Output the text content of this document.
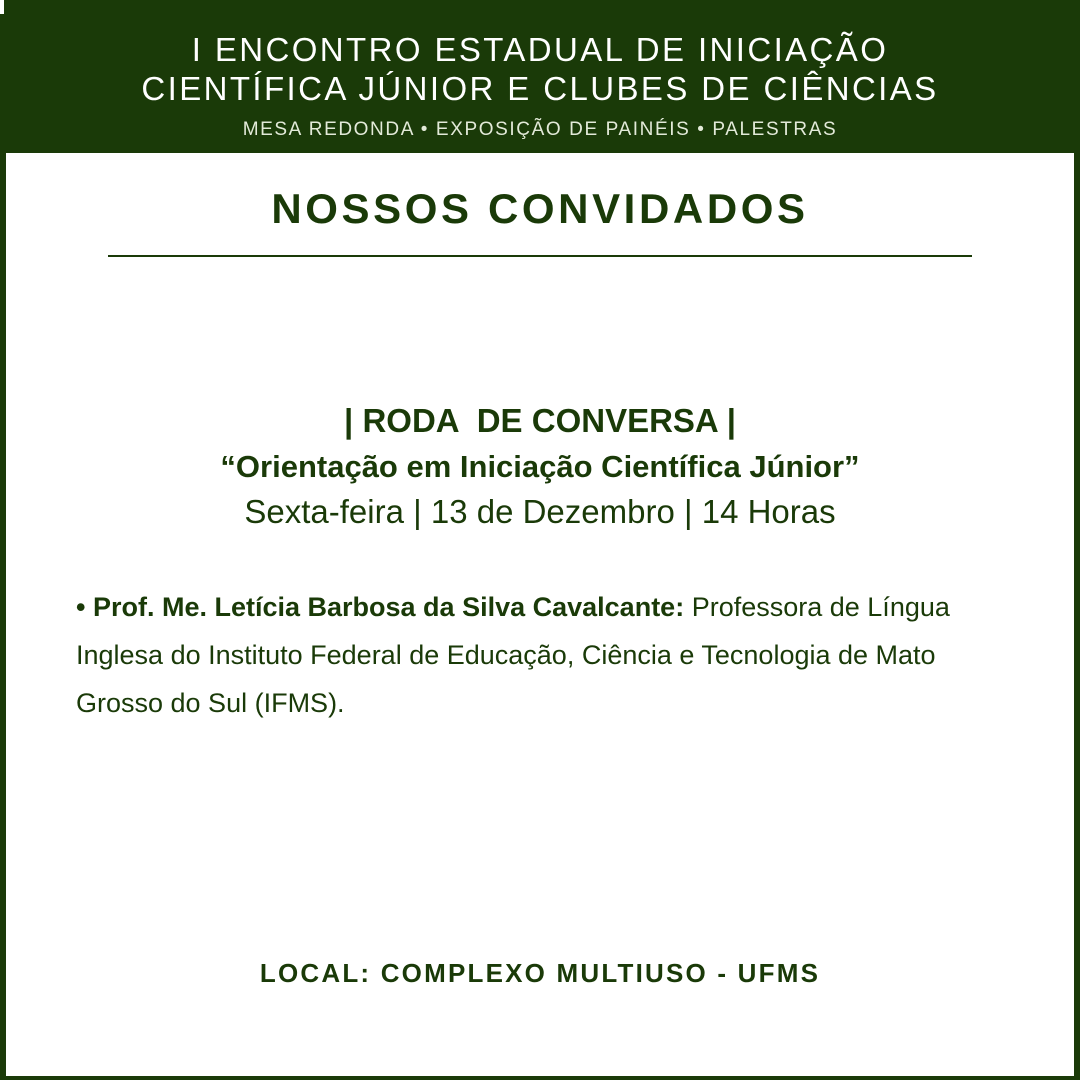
I ENCONTRO ESTADUAL DE INICIAÇÃO
CIENTÍFICA JÚNIOR E CLUBES DE CIÊNCIAS
MESA REDONDA • EXPOSIÇÃO DE PAINÉIS • PALESTRAS
NOSSOS CONVIDADOS
| RODA  DE CONVERSA |
“Orientação em Iniciação Científica Júnior”
Sexta-feira | 13 de Dezembro | 14 Horas
• Prof. Me. Letícia Barbosa da Silva Cavalcante: Professora de Língua Inglesa do Instituto Federal de Educação, Ciência e Tecnologia de Mato Grosso do Sul (IFMS).
LOCAL: COMPLEXO MULTIUSO - UFMS
